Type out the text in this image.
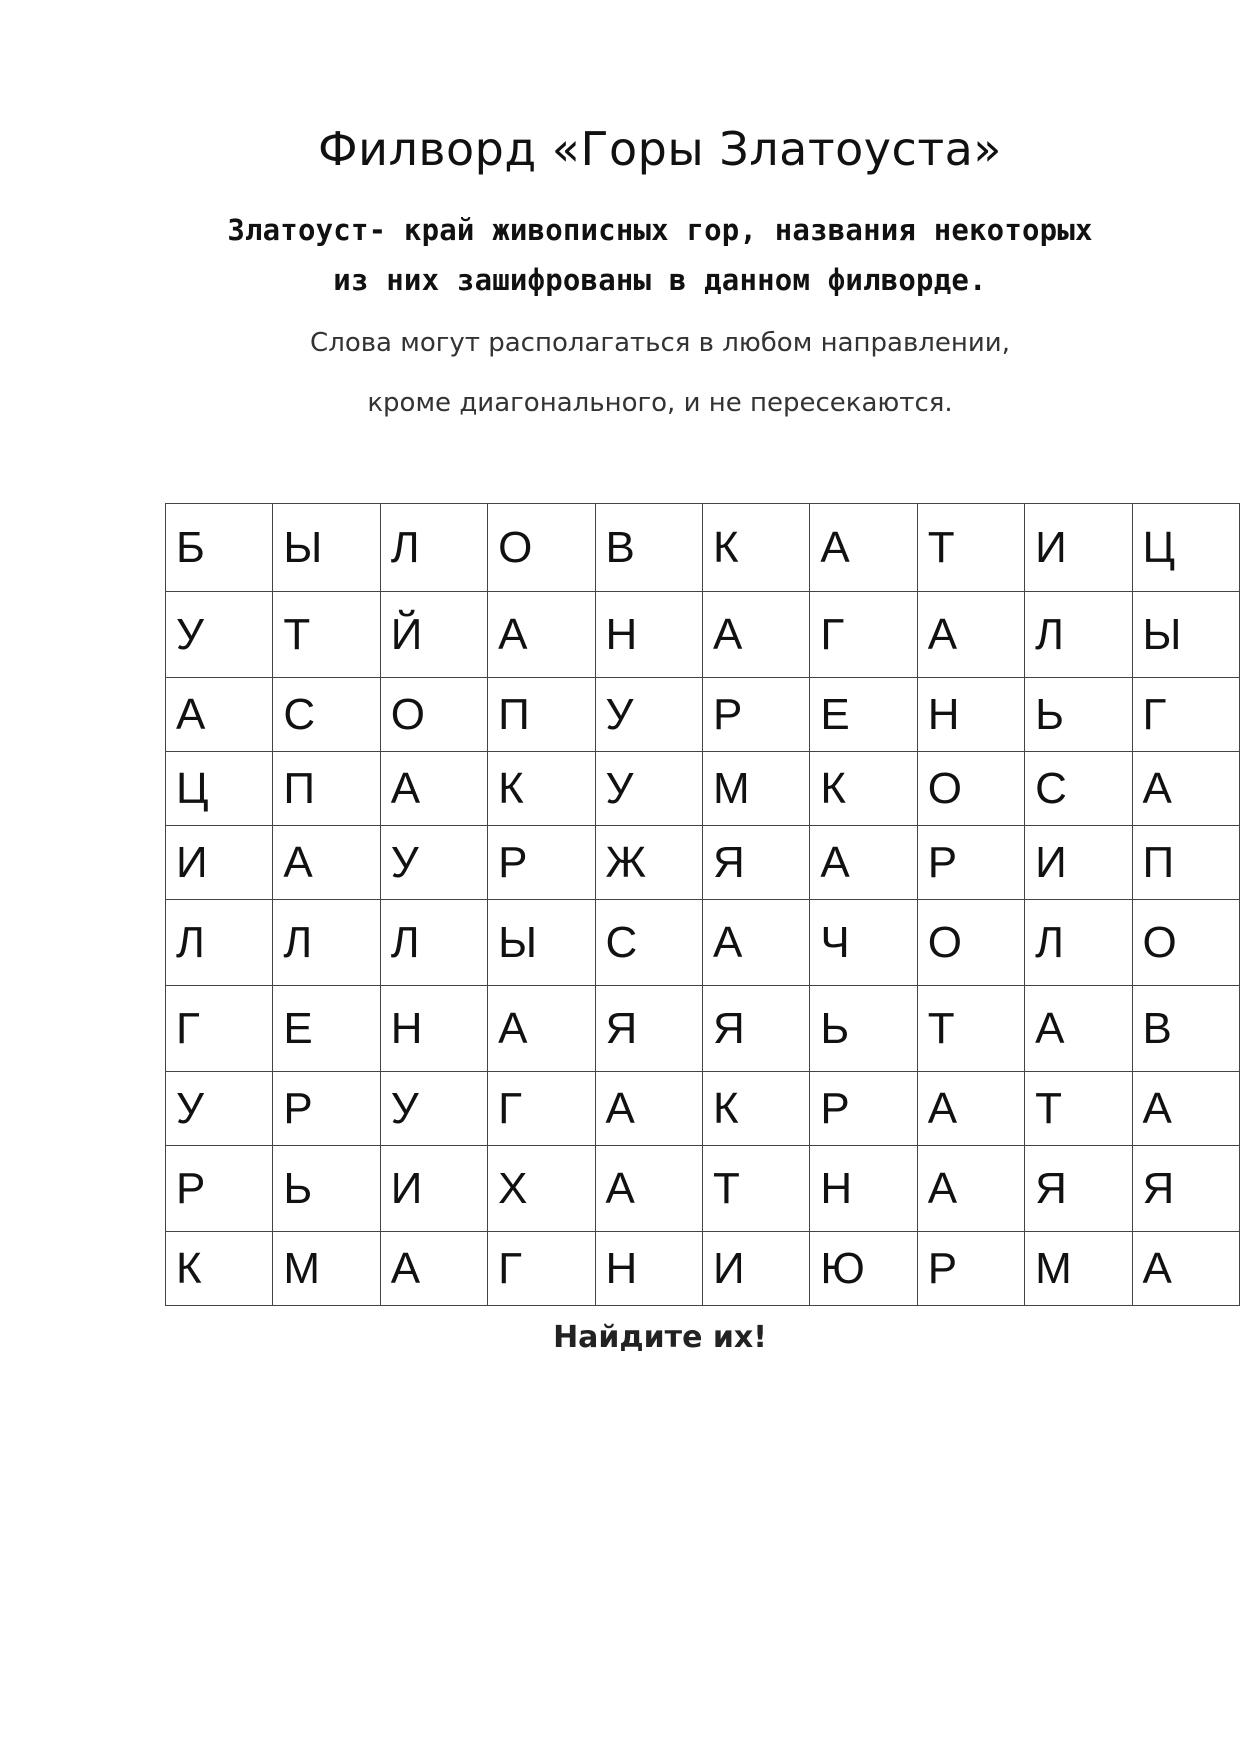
Филворд «Горы Златоуста»
Златоуст- край живописных гор, названия некоторых
из них зашифрованы в данном филворде.
Слова могут располагаться в любом направлении,
кроме диагонального, и не пересекаются.
Б	Ы	Л	О	В	К	А	Т	И	Ц
У	Т	Й	А	Н	А	Г	А	Л	Ы
А	С	О	П	У	Р	Е	Н	Ь	Г
Ц	П	А	К	У	М	К	О	С	А
И	А	У	Р	Ж	Я	А	Р	И	П
Л	Л	Л	Ы	С	А	Ч	О	Л	О
Г	Е	Н	А	Я	Я	Ь	Т	А	В
У	Р	У	Г	А	К	Р	А	Т	А
Р	Ь	И	Х	А	Т	Н	А	Я	Я
К	М	А	Г	Н	И	Ю	Р	М	А
Найдите их!
